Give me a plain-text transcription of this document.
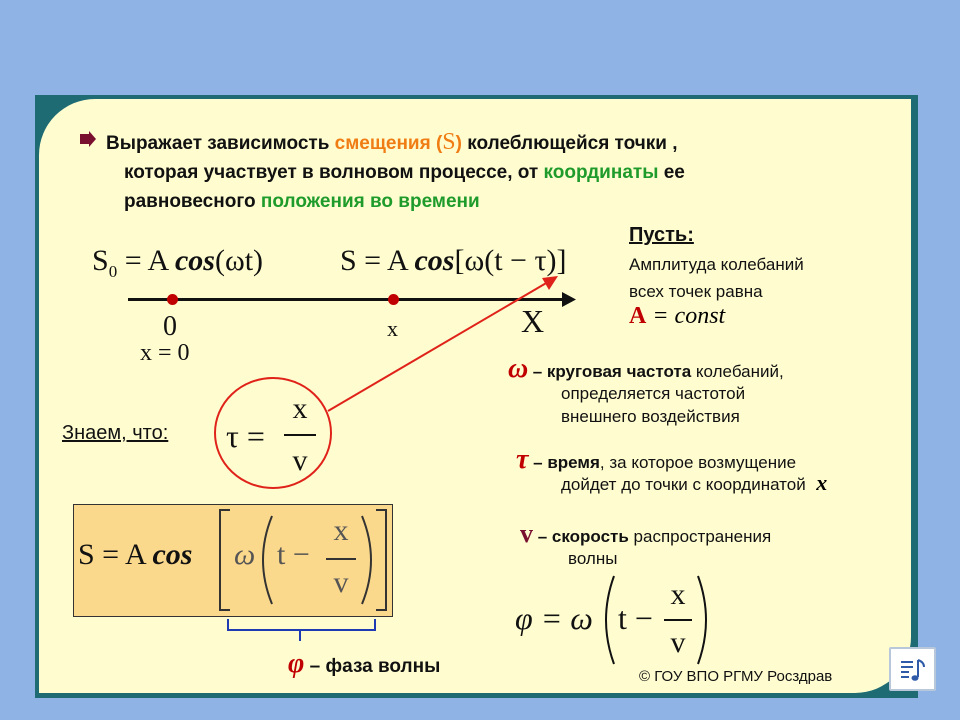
Выражает зависимость смещения (S) колеблющейся точки ,
которая участвует в волновом процессе, от координаты ее
равновесного положения во времени
$S_0 = A$ cos(ωt)	S = A cos[ω(t − τ)]
0
x = 0
x	X
Пусть:
Амплитуда колебаний
всех точек равна
A = const
Знаем, что: τ =
x
v
S = A cos ω t −
x
v
ω – круговая частота колебаний,
определяется частотой
внешнего воздействия
τ – время, за которое возмущение
дойдет до точки с координатой x
v – скорость распространения
волны
φ = ω t −
x
v
φ – фаза волны	© ГОУ ВПО РГМУ Росздрав
